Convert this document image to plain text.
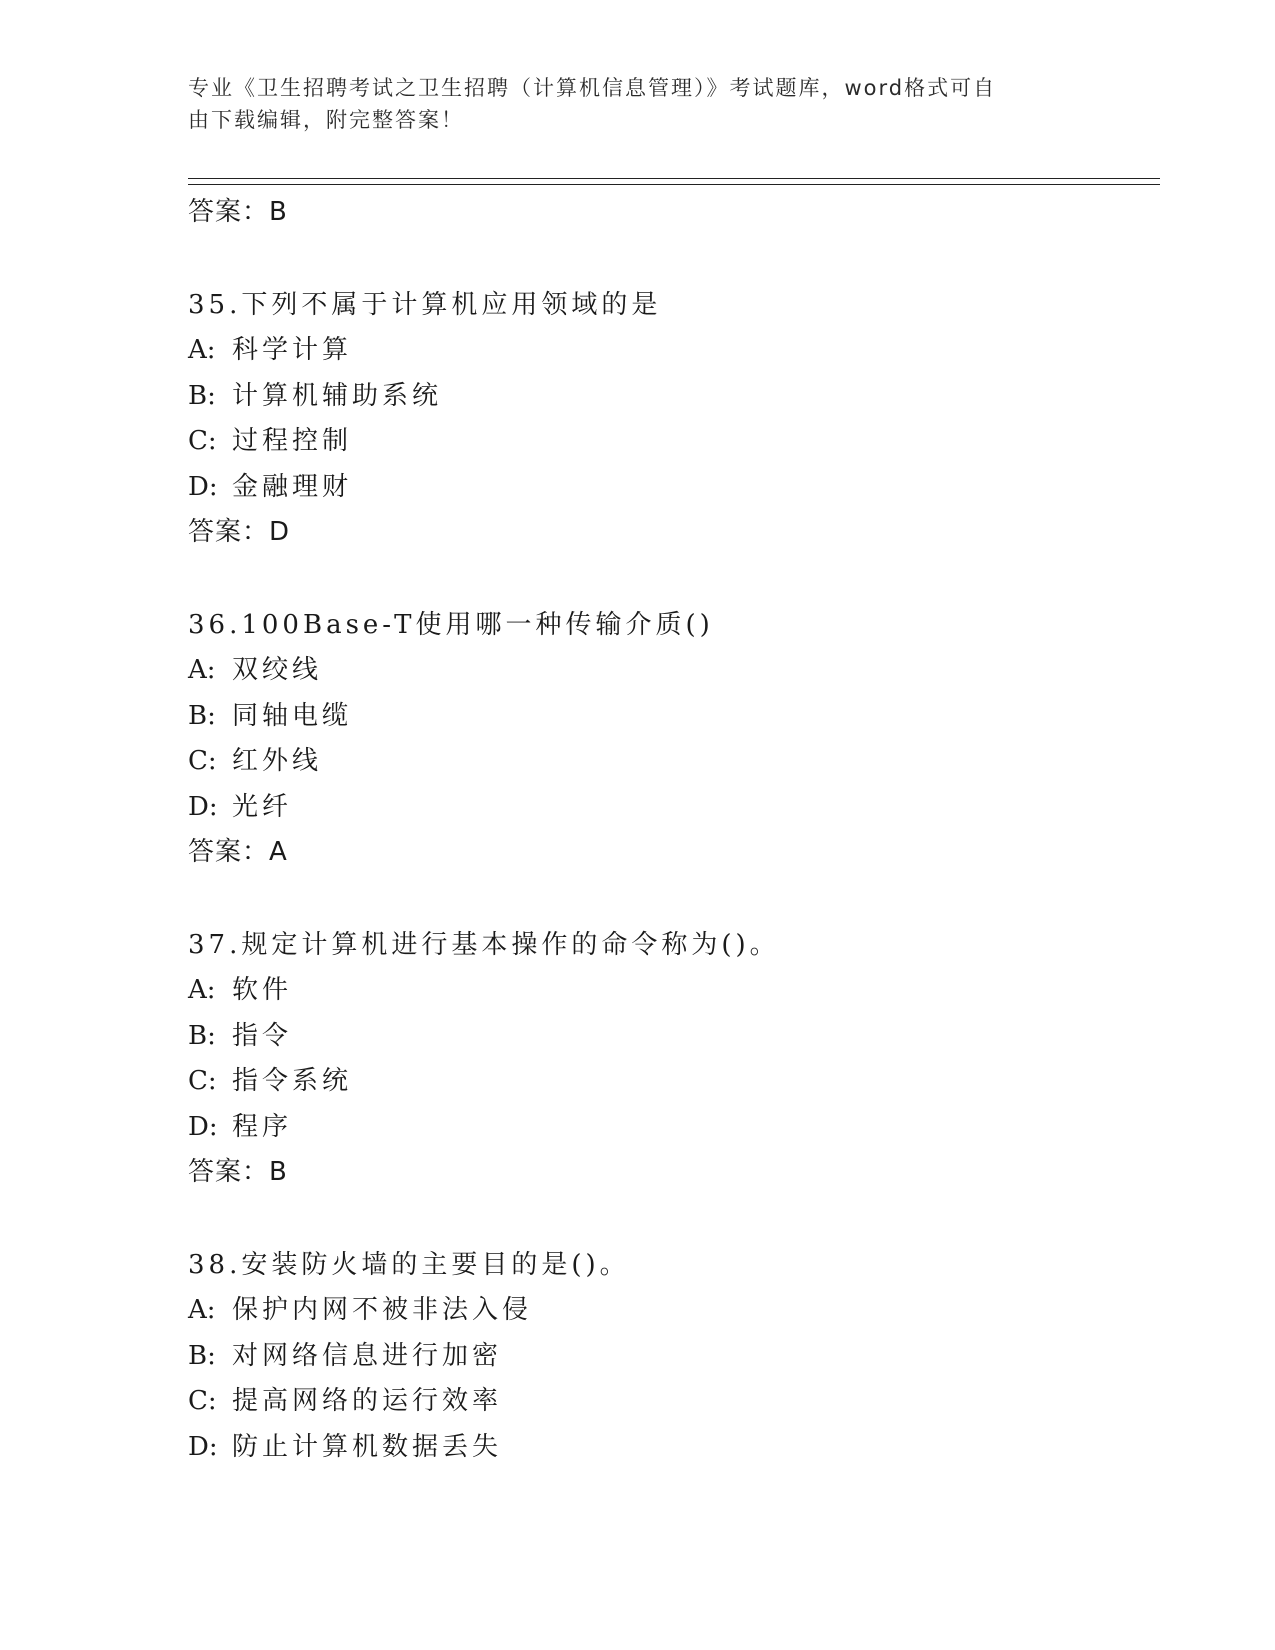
专业《卫生招聘考试之卫生招聘（计算机信息管理）》考试题库，word格式可自
由下载编辑，附完整答案！
答案：B
35.下列不属于计算机应用领域的是
A: 科学计算
B: 计算机辅助系统
C: 过程控制
D: 金融理财
答案：D
36.100Base-T使用哪一种传输介质()
A: 双绞线
B: 同轴电缆
C: 红外线
D: 光纤
答案：A
37.规定计算机进行基本操作的命令称为()。
A: 软件
B: 指令
C: 指令系统
D: 程序
答案：B
38.安装防火墙的主要目的是()。
A: 保护内网不被非法入侵
B: 对网络信息进行加密
C: 提高网络的运行效率
D: 防止计算机数据丢失
